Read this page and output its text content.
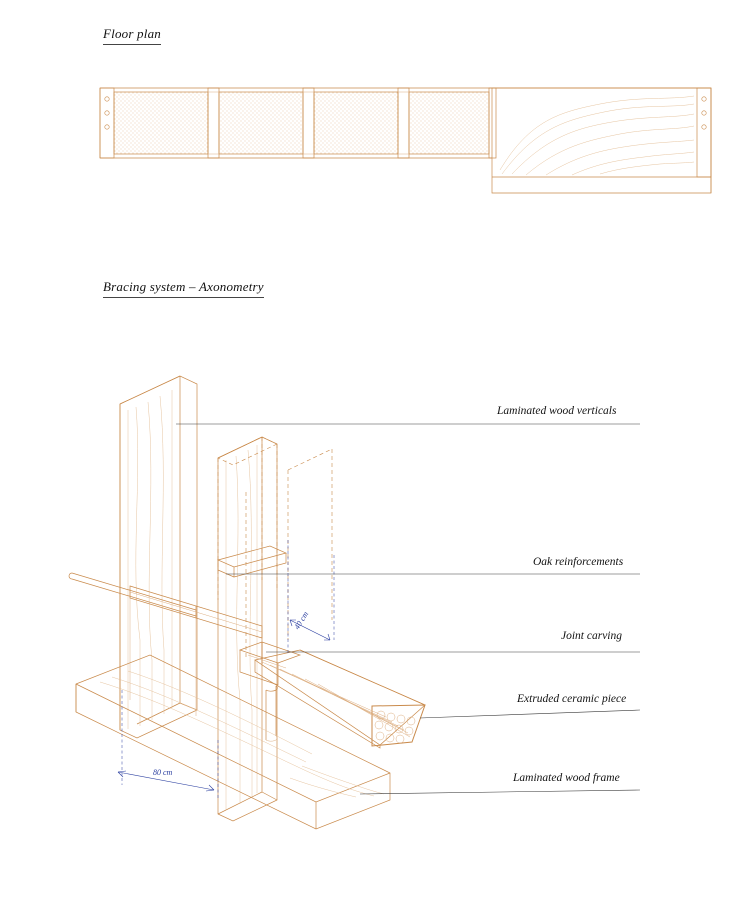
Floor plan
Bracing system – Axonometry
Laminated wood verticals
Oak reinforcements
Joint carving
Extruded ceramic piece
Laminated wood frame
80 cm
40 cm
